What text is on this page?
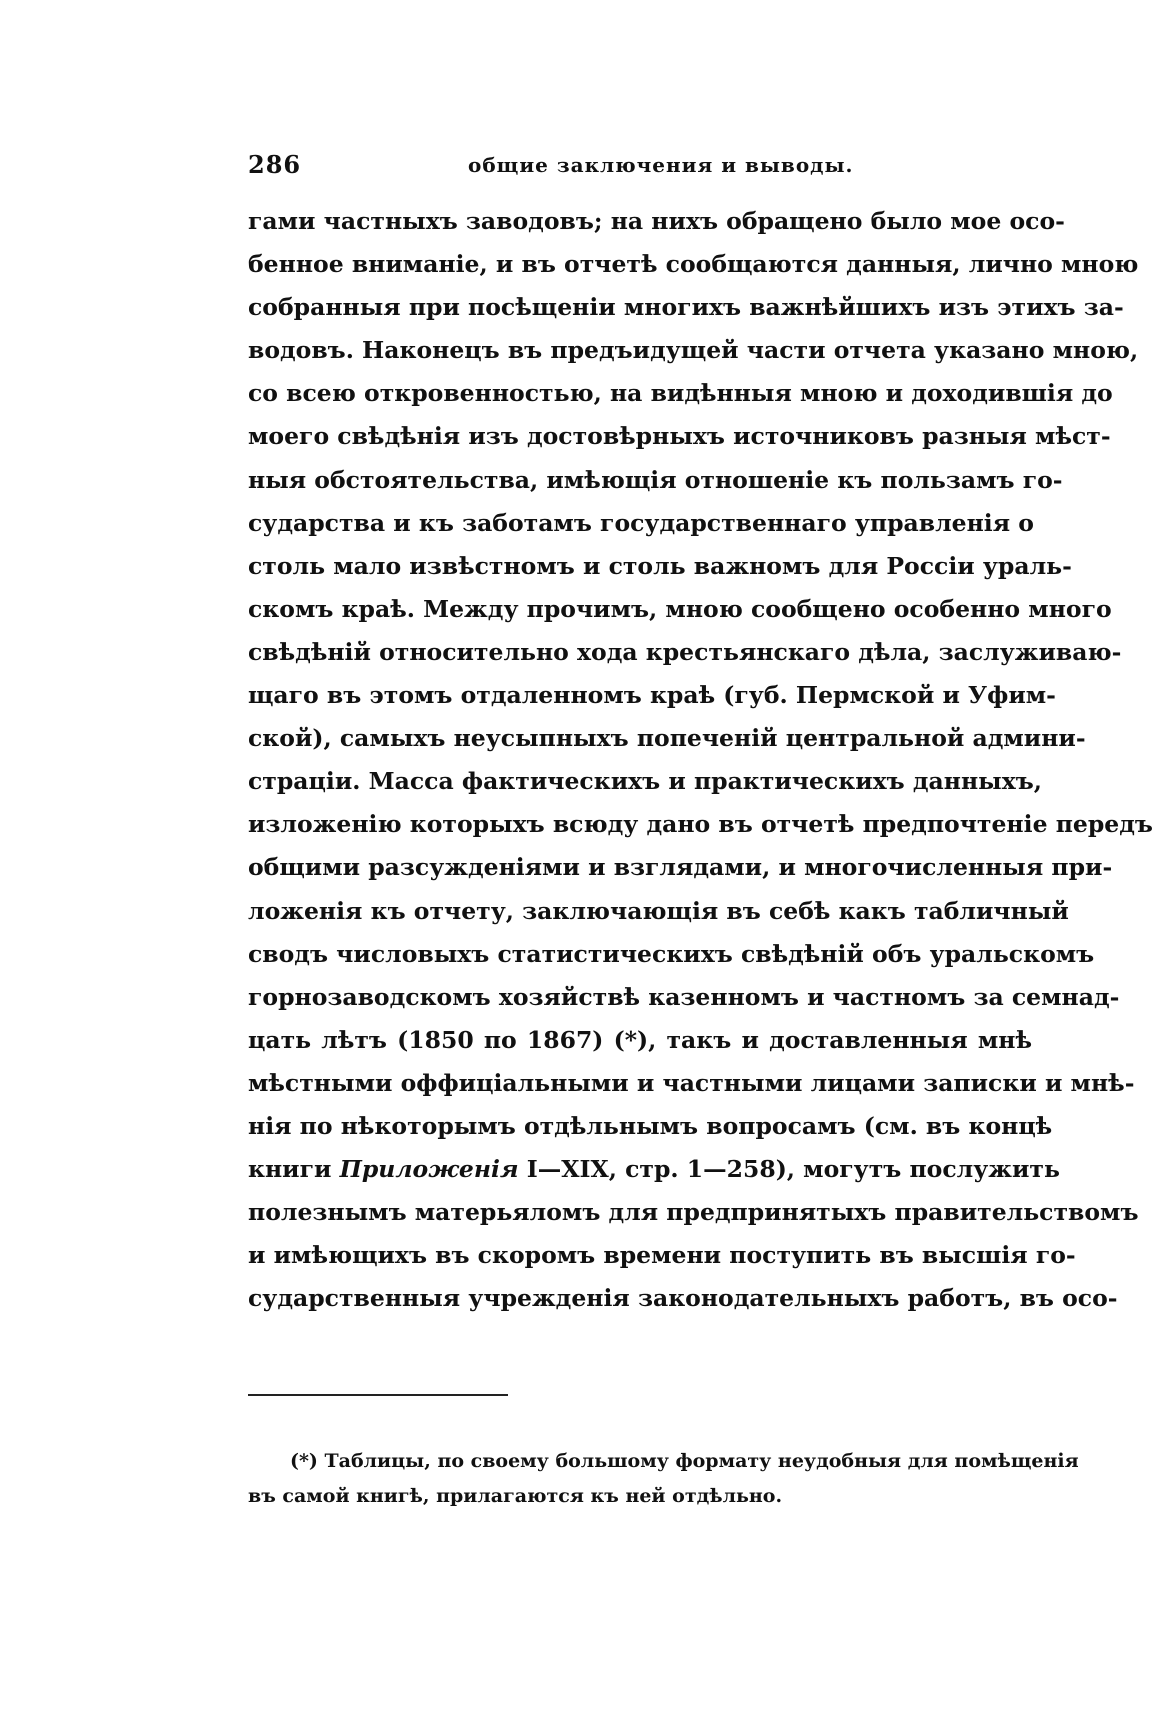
286	общие заключения и выводы.
гами частныхъ заводовъ; на нихъ обращено было мое осо-
бенное вниманіе, и въ отчетѣ сообщаются данныя, лично мною
собранныя при посѣщеніи многихъ важнѣйшихъ изъ этихъ за-
водовъ. Наконецъ въ предъидущей части отчета указано мною,
со всею откровенностью, на видѣнныя мною и доходившія до
моего свѣдѣнія изъ достовѣрныхъ источниковъ разныя мѣст-
ныя обстоятельства, имѣющія отношеніе къ пользамъ го-
сударства и къ заботамъ государственнаго управленія о
столь мало извѣстномъ и столь важномъ для Россіи ураль-
скомъ краѣ. Между прочимъ, мною сообщено особенно много
свѣдѣній относительно хода крестьянскаго дѣла, заслуживаю-
щаго въ этомъ отдаленномъ краѣ (губ. Пермской и Уфим-
ской), самыхъ неусыпныхъ попеченій центральной админи-
страціи. Масса фактическихъ и практическихъ данныхъ,
изложенію которыхъ всюду дано въ отчетѣ предпочтеніе передъ
общими разсужденіями и взглядами, и многочисленныя при-
ложенія къ отчету, заключающія въ себѣ какъ табличный
сводъ числовыхъ статистическихъ свѣдѣній объ уральскомъ
горнозаводскомъ хозяйствѣ казенномъ и частномъ за семнад-
цать лѣтъ (1850 по 1867) (*), такъ и доставленныя мнѣ
мѣстными оффиціальными и частными лицами записки и мнѣ-
нія по нѣкоторымъ отдѣльнымъ вопросамъ (см. въ концѣ
книги Приложенія I—XIX, стр. 1—258), могутъ послужить
полезнымъ матерьяломъ для предпринятыхъ правительствомъ
и имѣющихъ въ скоромъ времени поступить въ высшія го-
сударственныя учрежденія законодательныхъ работъ, въ осо-
(*) Таблицы, по своему большому формату неудобныя для помѣщенія
въ самой книгѣ, прилагаются къ ней отдѣльно.
